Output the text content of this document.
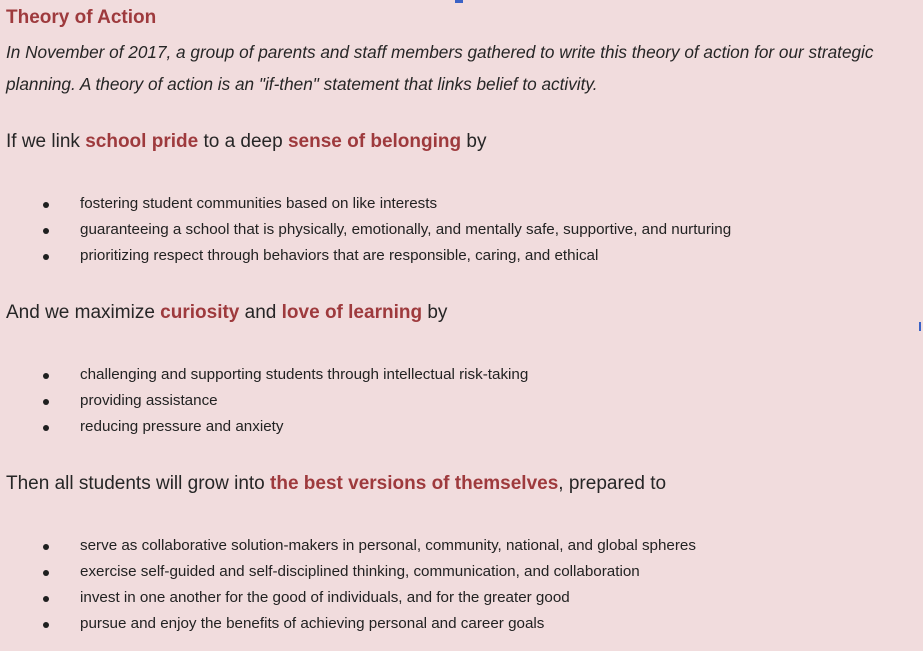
Theory of Action
In November of 2017, a group of parents and staff members gathered to write this theory of action for our strategic planning. A theory of action is an "if-then" statement that links belief to activity.
If we link school pride to a deep sense of belonging by
fostering student communities based on like interests
guaranteeing a school that is physically, emotionally, and mentally safe, supportive, and nurturing
prioritizing respect through behaviors that are responsible, caring, and ethical
And we maximize curiosity and love of learning by
challenging and supporting students through intellectual risk-taking
providing assistance
reducing pressure and anxiety
Then all students will grow into the best versions of themselves, prepared to
serve as collaborative solution-makers in personal, community, national, and global spheres
exercise self-guided and self-disciplined thinking, communication, and collaboration
invest in one another for the good of individuals, and for the greater good
pursue and enjoy the benefits of achieving personal and career goals
